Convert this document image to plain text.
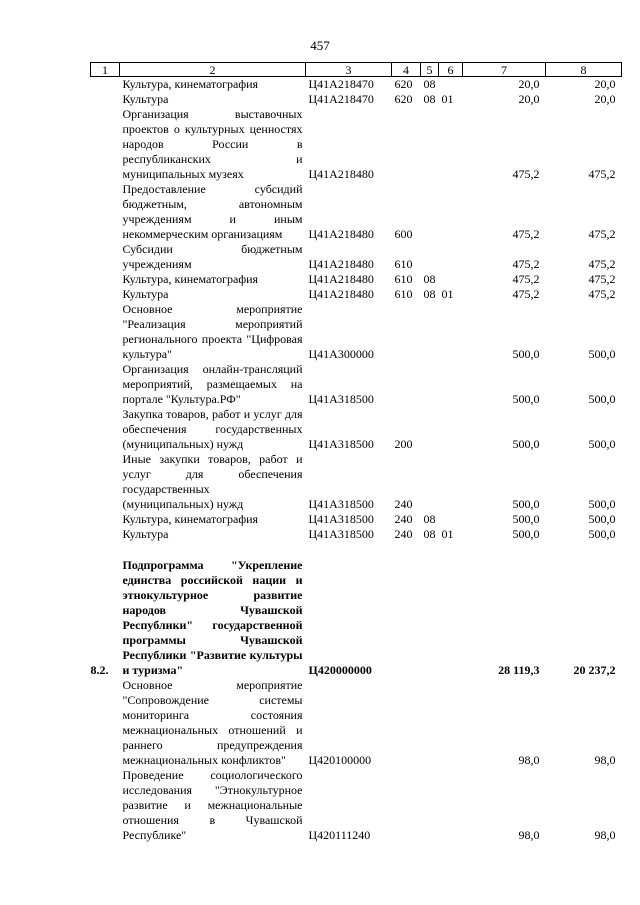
457
1	2	3	4	5	6	7	8
	Культура, кинематография	Ц41А218470	620	08		20,0	20,0
	Культура	Ц41А218470	620	08	01	20,0	20,0
	Организация выставочных проектов о культурных ценностях народов России в республиканских и муниципальных музеях	Ц41А218480				475,2	475,2
	Предоставление субсидий бюджетным, автономным учреждениям и иным некоммерческим организациям	Ц41А218480	600			475,2	475,2
	Субсидии бюджетным учреждениям	Ц41А218480	610			475,2	475,2
	Культура, кинематография	Ц41А218480	610	08		475,2	475,2
	Культура	Ц41А218480	610	08	01	475,2	475,2
	Основное мероприятие "Реализация мероприятий регионального проекта "Цифровая культура"	Ц41А300000				500,0	500,0
	Организация онлайн-трансляций мероприятий, размещаемых на портале "Культура.РФ"	Ц41А318500				500,0	500,0
	Закупка товаров, работ и услуг для обеспечения государственных (муниципальных) нужд	Ц41А318500	200			500,0	500,0
	Иные закупки товаров, работ и услуг для обеспечения государственных (муниципальных) нужд	Ц41А318500	240			500,0	500,0
	Культура, кинематография	Ц41А318500	240	08		500,0	500,0
	Культура	Ц41А318500	240	08	01	500,0	500,0

8.2.	Подпрограмма "Укрепление единства российской нации и этнокультурное развитие народов Чувашской Республики" государственной программы Чувашской Республики "Развитие культуры и туризма"	Ц420000000				28 119,3	20 237,2
	Основное мероприятие "Сопровождение системы мониторинга состояния межнациональных отношений и раннего предупреждения межнациональных конфликтов"	Ц420100000				98,0	98,0
	Проведение социологического исследования "Этнокультурное развитие и межнациональные отношения в Чувашской Республике"	Ц420111240				98,0	98,0
